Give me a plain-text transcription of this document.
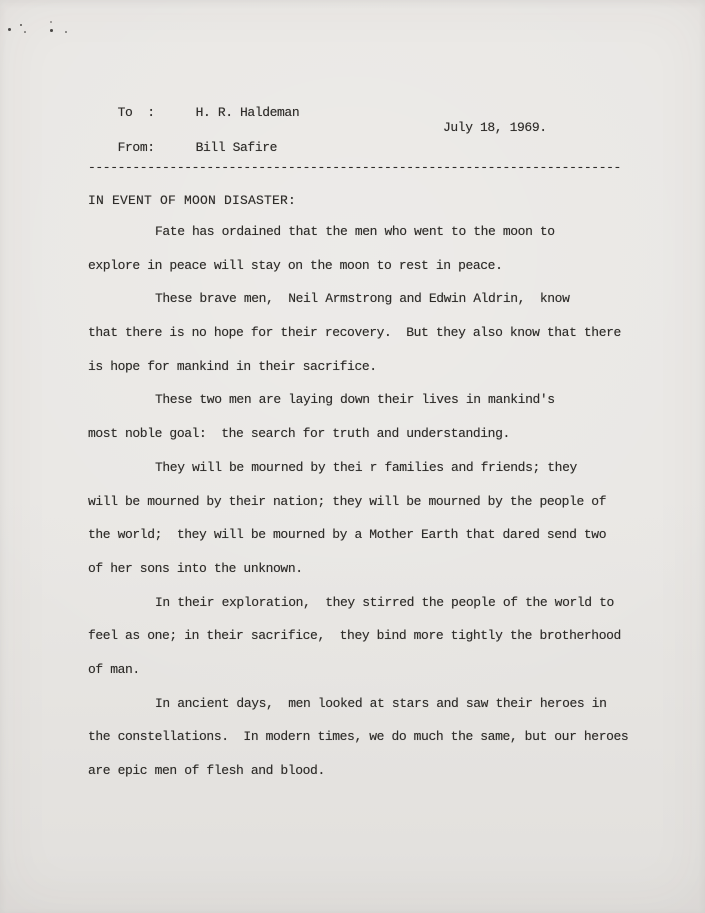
To  :	H. R. Haldeman

From:	Bill Safire

July 18, 1969.

------------------------------------------------------------------------
IN EVENT OF MOON DISASTER:
Fate has ordained that the men who went to the moon to
explore in peace will stay on the moon to rest in peace.
These brave men,  Neil Armstrong and Edwin Aldrin,  know
that there is no hope for their recovery.  But they also know that there
is hope for mankind in their sacrifice.
These two men are laying down their lives in mankind's
most noble goal:  the search for truth and understanding.
They will be mourned by thei r families and friends; they
will be mourned by their nation; they will be mourned by the people of
the world;  they will be mourned by a Mother Earth that dared send two
of her sons into the unknown.
In their exploration,  they stirred the people of the world to
feel as one; in their sacrifice,  they bind more tightly the brotherhood
of man.
In ancient days,  men looked at stars and saw their heroes in
the constellations.  In modern times, we do much the same, but our heroes
are epic men of flesh and blood.
